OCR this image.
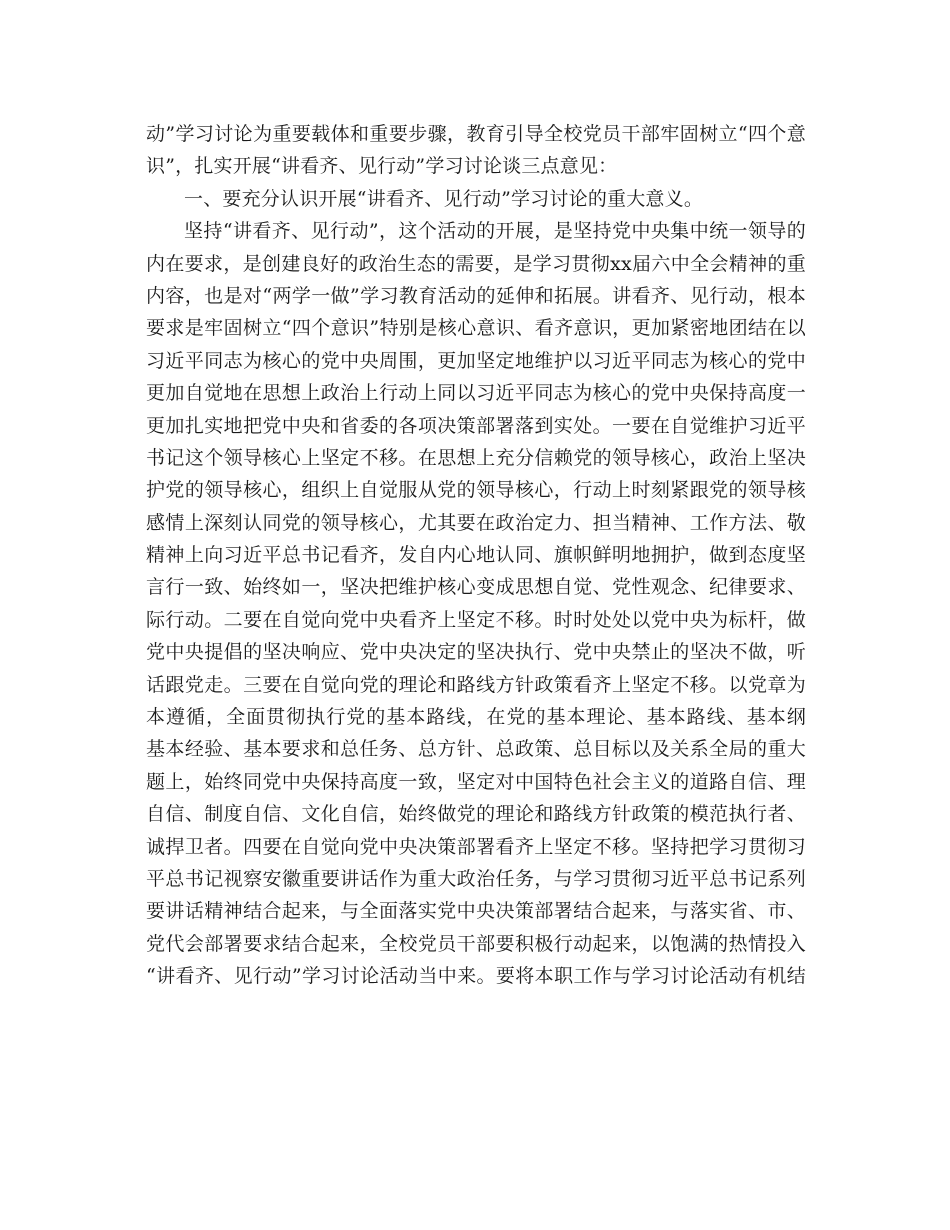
动”学习讨论为重要载体和重要步骤，教育引导全校党员干部牢固树立“四个意
识”，扎实开展“讲看齐、见行动”学习讨论谈三点意见：
一、要充分认识开展“讲看齐、见行动”学习讨论的重大意义。
坚持“讲看齐、见行动”，这个活动的开展，是坚持党中央集中统一领导的
内在要求，是创建良好的政治生态的需要，是学习贯彻xx届六中全会精神的重
内容，也是对“两学一做”学习教育活动的延伸和拓展。讲看齐、见行动，根本
要求是牢固树立“四个意识”特别是核心意识、看齐意识，更加紧密地团结在以
习近平同志为核心的党中央周围，更加坚定地维护以习近平同志为核心的党中
更加自觉地在思想上政治上行动上同以习近平同志为核心的党中央保持高度一
更加扎实地把党中央和省委的各项决策部署落到实处。一要在自觉维护习近平
书记这个领导核心上坚定不移。在思想上充分信赖党的领导核心，政治上坚决
护党的领导核心，组织上自觉服从党的领导核心，行动上时刻紧跟党的领导核
感情上深刻认同党的领导核心，尤其要在政治定力、担当精神、工作方法、敬
精神上向习近平总书记看齐，发自内心地认同、旗帜鲜明地拥护，做到态度坚
言行一致、始终如一，坚决把维护核心变成思想自觉、党性观念、纪律要求、
际行动。二要在自觉向党中央看齐上坚定不移。时时处处以党中央为标杆，做
党中央提倡的坚决响应、党中央决定的坚决执行、党中央禁止的坚决不做，听
话跟党走。三要在自觉向党的理论和路线方针政策看齐上坚定不移。以党章为
本遵循，全面贯彻执行党的基本路线，在党的基本理论、基本路线、基本纲
基本经验、基本要求和总任务、总方针、总政策、总目标以及关系全局的重大
题上，始终同党中央保持高度一致，坚定对中国特色社会主义的道路自信、理
自信、制度自信、文化自信，始终做党的理论和路线方针政策的模范执行者、
诚捍卫者。四要在自觉向党中央决策部署看齐上坚定不移。坚持把学习贯彻习
平总书记视察安徽重要讲话作为重大政治任务，与学习贯彻习近平总书记系列
要讲话精神结合起来，与全面落实党中央决策部署结合起来，与落实省、市、
党代会部署要求结合起来，全校党员干部要积极行动起来，以饱满的热情投入
“讲看齐、见行动”学习讨论活动当中来。要将本职工作与学习讨论活动有机结
